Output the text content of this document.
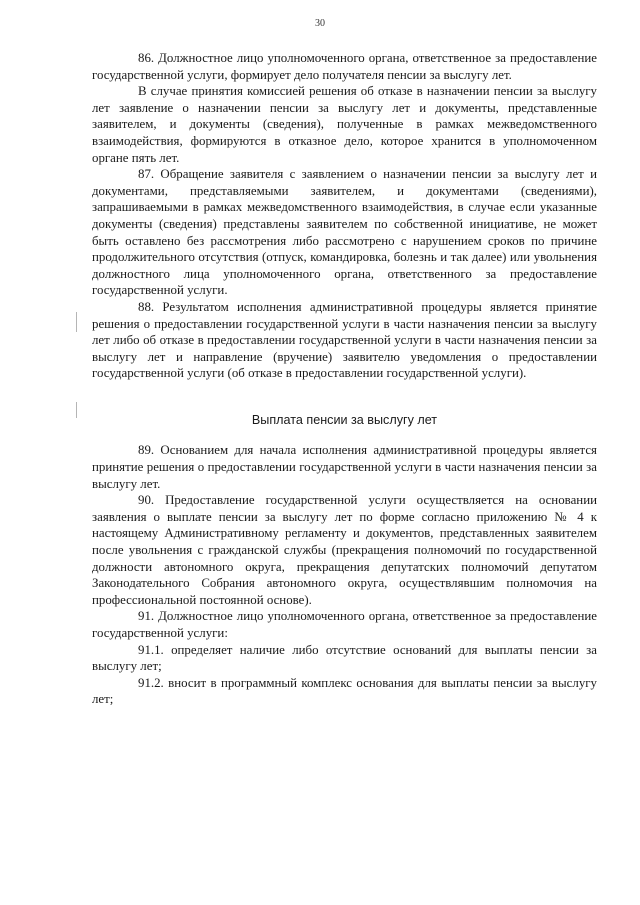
30

86. Должностное лицо уполномоченного органа, ответственное за предоставление государственной услуги, формирует дело получателя пенсии за выслугу лет.

В случае принятия комиссией решения об отказе в назначении пенсии за выслугу лет заявление о назначении пенсии за выслугу лет и документы, представленные заявителем, и документы (сведения), полученные в рамках межведомственного взаимодействия, формируются в отказное дело, которое хранится в уполномоченном органе пять лет.

87. Обращение заявителя с заявлением о назначении пенсии за выслугу лет и документами, представляемыми заявителем, и документами (сведениями), запрашиваемыми в рамках межведомственного взаимодействия, в случае если указанные документы (сведения) представлены заявителем по собственной инициативе, не может быть оставлено без рассмотрения либо рассмотрено с нарушением сроков по причине продолжительного отсутствия (отпуск, командировка, болезнь и так далее) или увольнения должностного лица уполномоченного органа, ответственного за предоставление государственной услуги.

88. Результатом исполнения административной процедуры является принятие решения о предоставлении государственной услуги в части назначения пенсии за выслугу лет либо об отказе в предоставлении государственной услуги в части назначения пенсии за выслугу лет и направление (вручение) заявителю уведомления о предоставлении государственной услуги (об отказе в предоставлении государственной услуги).

Выплата пенсии за выслугу лет

89. Основанием для начала исполнения административной процедуры является принятие решения о предоставлении государственной услуги в части назначения пенсии за выслугу лет.

90. Предоставление государственной услуги осуществляется на основании заявления о выплате пенсии за выслугу лет по форме согласно приложению № 4 к настоящему Административному регламенту и документов, представленных заявителем после увольнения с гражданской службы (прекращения полномочий по государственной должности автономного округа, прекращения депутатских полномочий депутатом Законодательного Собрания автономного округа, осуществлявшим полномочия на профессиональной постоянной основе).

91. Должностное лицо уполномоченного органа, ответственное за предоставление государственной услуги:

91.1. определяет наличие либо отсутствие оснований для выплаты пенсии за выслугу лет;

91.2. вносит в программный комплекс основания для выплаты пенсии за выслугу лет;
